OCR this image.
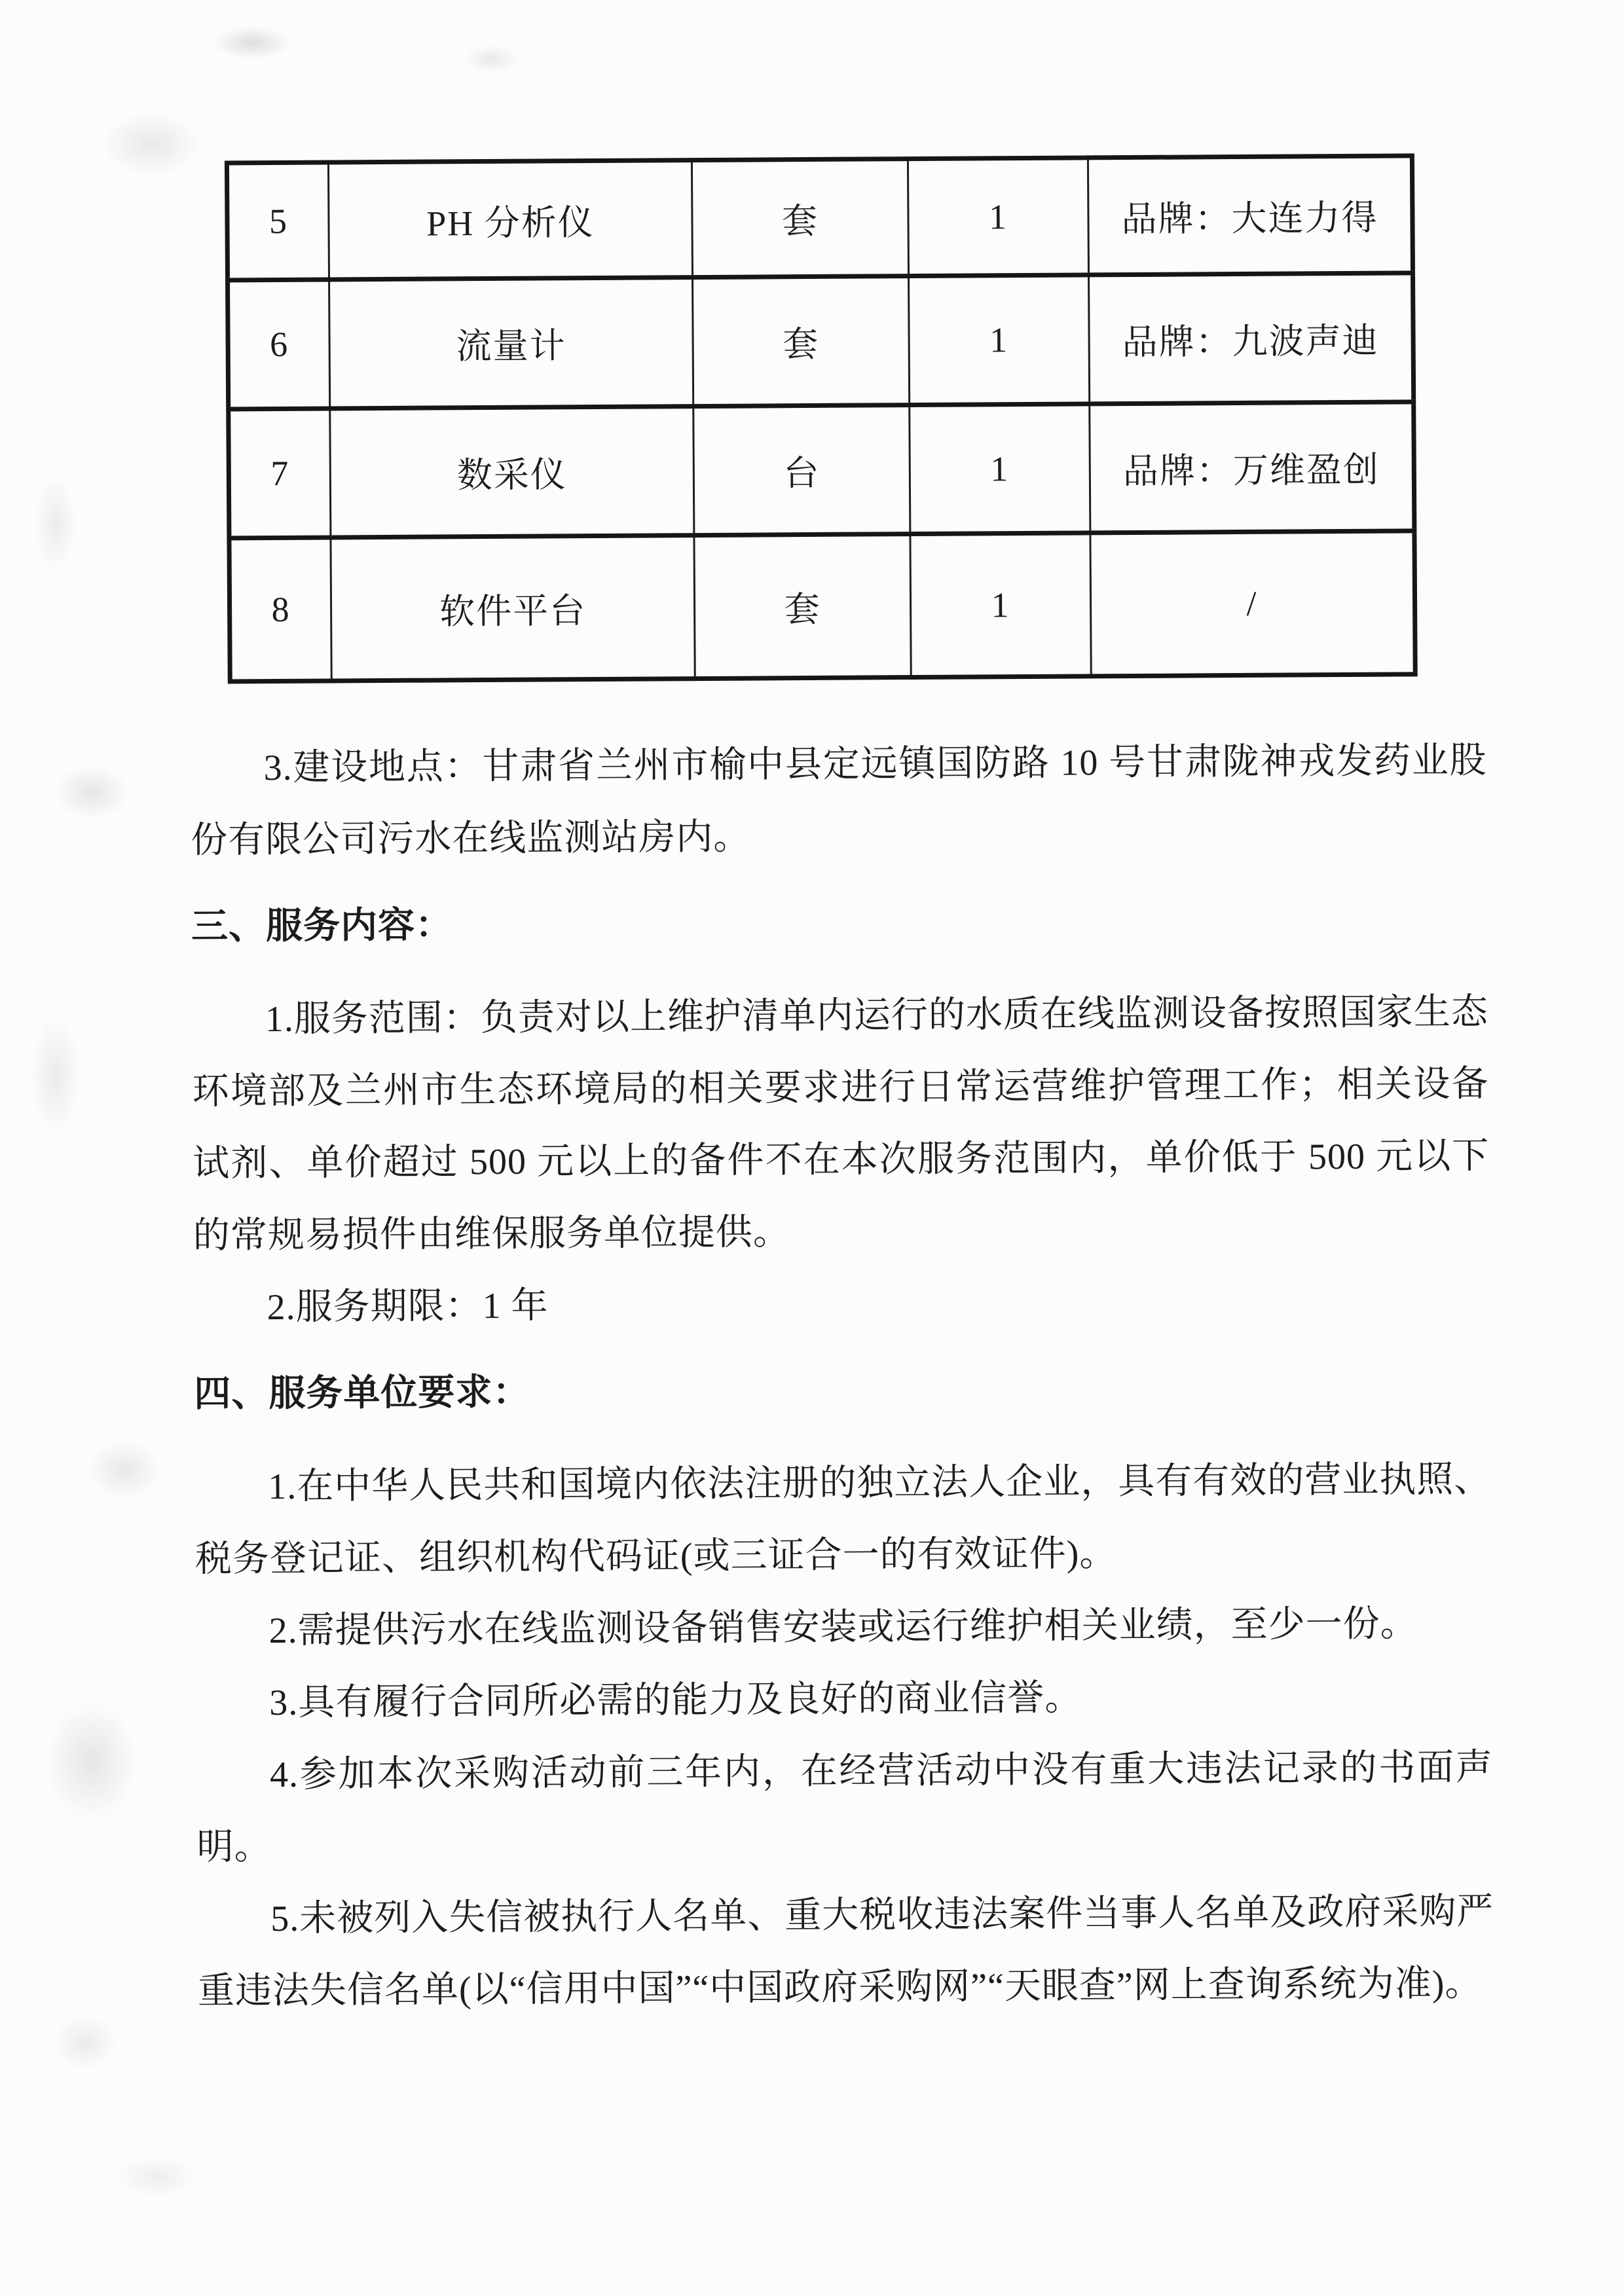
5	PH 分析仪	套	1	品牌：大连力得
6	流量计	套	1	品牌：九波声迪
7	数采仪	台	1	品牌：万维盈创
8	软件平台	套	1	/

3.建设地点：甘肃省兰州市榆中县定远镇国防路 10 号甘肃陇神戎发药业股份有限公司污水在线监测站房内。

三、服务内容：

1.服务范围：负责对以上维护清单内运行的水质在线监测设备按照国家生态环境部及兰州市生态环境局的相关要求进行日常运营维护管理工作；相关设备试剂、单价超过 500 元以上的备件不在本次服务范围内，单价低于 500 元以下的常规易损件由维保服务单位提供。

2.服务期限：1 年

四、服务单位要求：

1.在中华人民共和国境内依法注册的独立法人企业，具有有效的营业执照、税务登记证、组织机构代码证(或三证合一的有效证件)。

2.需提供污水在线监测设备销售安装或运行维护相关业绩，至少一份。

3.具有履行合同所必需的能力及良好的商业信誉。

4.参加本次采购活动前三年内，在经营活动中没有重大违法记录的书面声明。

5.未被列入失信被执行人名单、重大税收违法案件当事人名单及政府采购严重违法失信名单(以“信用中国”“中国政府采购网”“天眼查”网上查询系统为准)。
